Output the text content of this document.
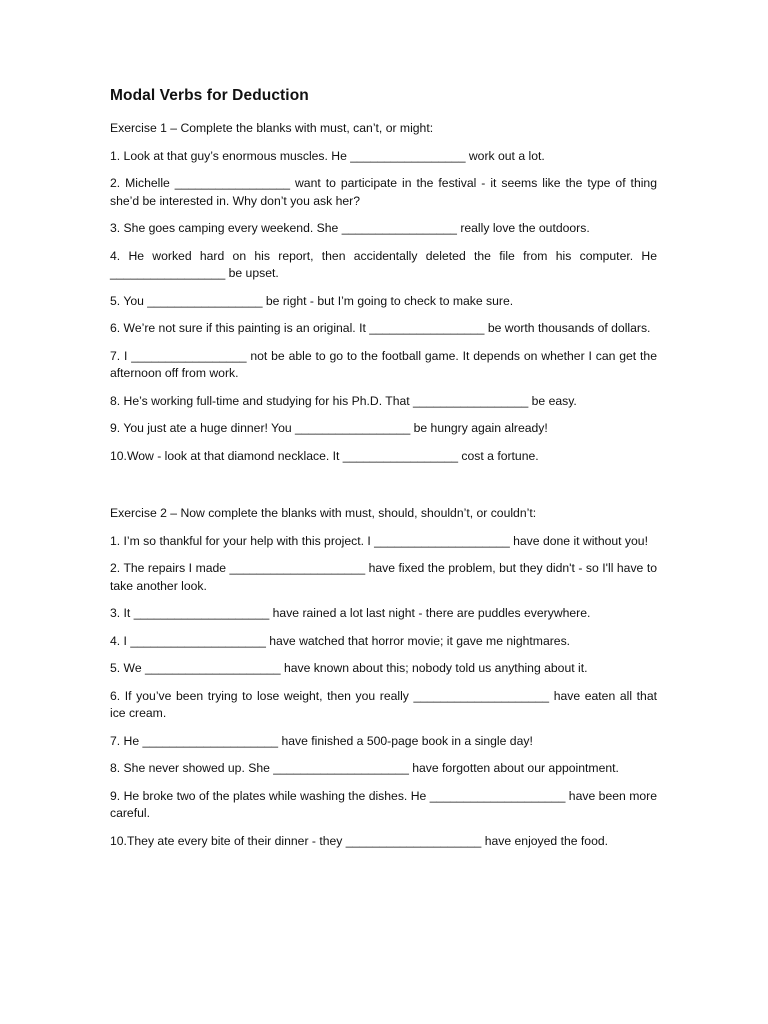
Modal Verbs for Deduction
Exercise 1 – Complete the blanks with must, can’t, or might:
1. Look at that guy’s enormous muscles. He _________________ work out a lot.
2. Michelle _________________ want to participate in the festival - it seems like the type of thing she’d be interested in. Why don’t you ask her?
3. She goes camping every weekend. She _________________ really love the outdoors.
4. He worked hard on his report, then accidentally deleted the file from his computer. He _________________ be upset.
5. You _________________ be right - but I’m going to check to make sure.
6. We’re not sure if this painting is an original. It _________________ be worth thousands of dollars.
7. I _________________ not be able to go to the football game. It depends on whether I can get the afternoon off from work.
8. He’s working full-time and studying for his Ph.D. That _________________ be easy.
9. You just ate a huge dinner! You _________________ be hungry again already!
10.Wow - look at that diamond necklace. It _________________ cost a fortune.
Exercise 2 – Now complete the blanks with must, should, shouldn’t, or couldn’t:
1. I’m so thankful for your help with this project. I ____________________ have done it without you!
2. The repairs I made ____________________ have fixed the problem, but they didn't - so I'll have to take another look.
3. It ____________________ have rained a lot last night - there are puddles everywhere.
4. I ____________________ have watched that horror movie; it gave me nightmares.
5. We ____________________ have known about this; nobody told us anything about it.
6. If you’ve been trying to lose weight, then you really ____________________ have eaten all that ice cream.
7. He ____________________ have finished a 500-page book in a single day!
8. She never showed up. She ____________________ have forgotten about our appointment.
9. He broke two of the plates while washing the dishes. He ____________________ have been more careful.
10.They ate every bite of their dinner - they ____________________ have enjoyed the food.
